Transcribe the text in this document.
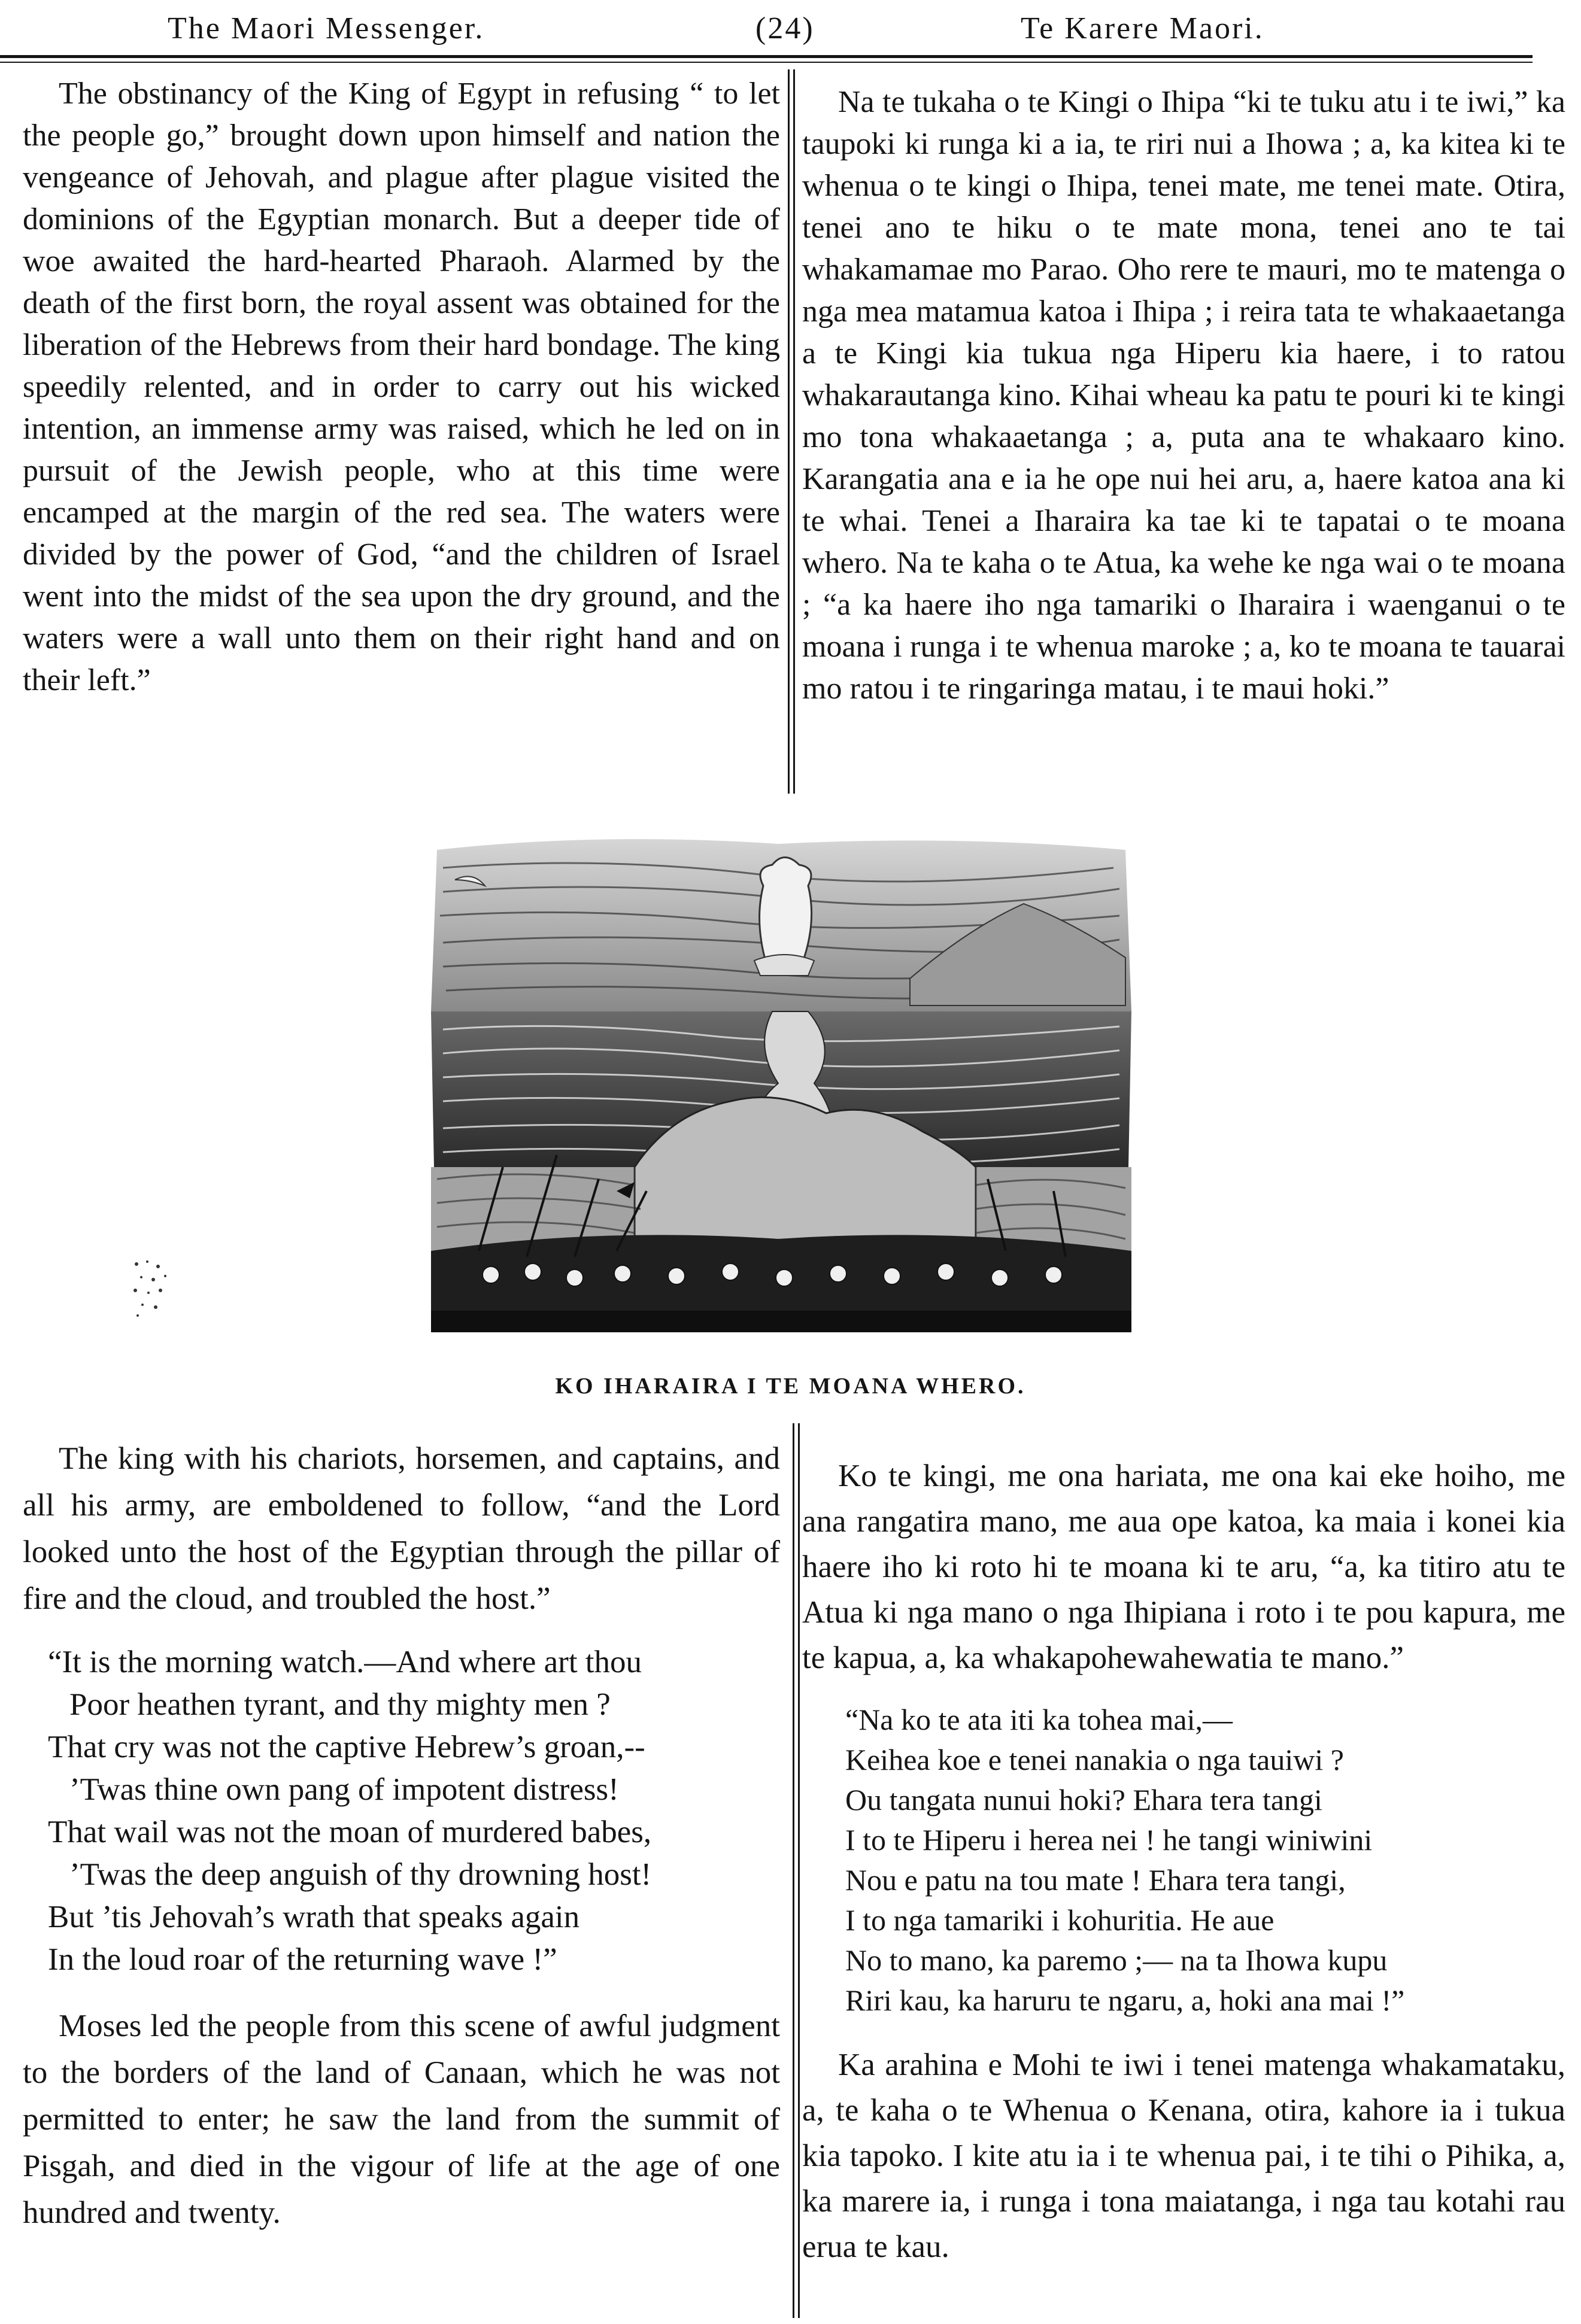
The Maori Messenger.	(24)	Te Karere Maori.

The obstinancy of the King of Egypt in refusing “ to let the people go,” brought down upon himself and nation the vengeance of Jehovah, and plague after plague visited the dominions of the Egyptian monarch. But a deeper tide of woe awaited the hard-hearted Pharaoh. Alarmed by the death of the first born, the royal assent was obtained for the liberation of the Hebrews from their hard bondage. The king speedily relented, and in order to carry out his wicked intention, an immense army was raised, which he led on in pursuit of the Jewish people, who at this time were encamped at the margin of the red sea. The waters were divided by the power of God, “and the children of Israel went into the midst of the sea upon the dry ground, and the waters were a wall unto them on their right hand and on their left.”

Na te tukaha o te Kingi o Ihipa “ki te tuku atu i te iwi,” ka taupoki ki runga ki a ia, te riri nui a Ihowa ; a, ka kitea ki te whenua o te kingi o Ihipa, tenei mate, me tenei mate. Otira, tenei ano te hiku o te mate mona, tenei ano te tai whakamamae mo Parao. Oho rere te mauri, mo te matenga o nga mea matamua katoa i Ihipa ; i reira tata te whakaaetanga a te Kingi kia tukua nga Hiperu kia haere, i to ratou whakarautanga kino. Kihai wheau ka patu te pouri ki te kingi mo tona whakaaetanga ; a, puta ana te whakaaro kino. Karangatia ana e ia he ope nui hei aru, a, haere katoa ana ki te whai. Tenei a Iharaira ka tae ki te tapatai o te moana whero. Na te kaha o te Atua, ka wehe ke nga wai o te moana ; “a ka haere iho nga tamariki o Iharaira i waenganui o te moana i runga i te whenua maroke ; a, ko te moana te tauarai mo ratou i te ringaringa matau, i te maui hoki.”

KO IHARAIRA I TE MOANA WHERO.

The king with his chariots, horsemen, and captains, and all his army, are emboldened to follow, “and the Lord looked unto the host of the Egyptian through the pillar of fire and the cloud, and troubled the host.”

“It is the morning watch.—And where art thou
Poor heathen tyrant, and thy mighty men ?
That cry was not the captive Hebrew’s groan,--
’Twas thine own pang of impotent distress!
That wail was not the moan of murdered babes,
’Twas the deep anguish of thy drowning host!
But ’tis Jehovah’s wrath that speaks again
In the loud roar of the returning wave !”

Moses led the people from this scene of awful judgment to the borders of the land of Canaan, which he was not permitted to enter; he saw the land from the summit of Pisgah, and died in the vigour of life at the age of one hundred and twenty.

Ko te kingi, me ona hariata, me ona kai eke hoiho, me ana rangatira mano, me aua ope katoa, ka maia i konei kia haere iho ki roto hi te moana ki te aru, “a, ka titiro atu te Atua ki nga mano o nga Ihipiana i roto i te pou kapura, me te kapua, a, ka whakapohewahewatia te mano.”

“Na ko te ata iti ka tohea mai,—
Keihea koe e tenei nanakia o nga tauiwi ?
Ou tangata nunui hoki? Ehara tera tangi
I to te Hiperu i herea nei ! he tangi winiwini
Nou e patu na tou mate ! Ehara tera tangi,
I to nga tamariki i kohuritia. He aue
No to mano, ka paremo ;— na ta Ihowa kupu
Riri kau, ka haruru te ngaru, a, hoki ana mai !”

Ka arahina e Mohi te iwi i tenei matenga whakamataku, a, te kaha o te Whenua o Kenana, otira, kahore ia i tukua kia tapoko. I kite atu ia i te whenua pai, i te tihi o Pihika, a, ka marere ia, i runga i tona maiatanga, i nga tau kotahi rau erua te kau.
